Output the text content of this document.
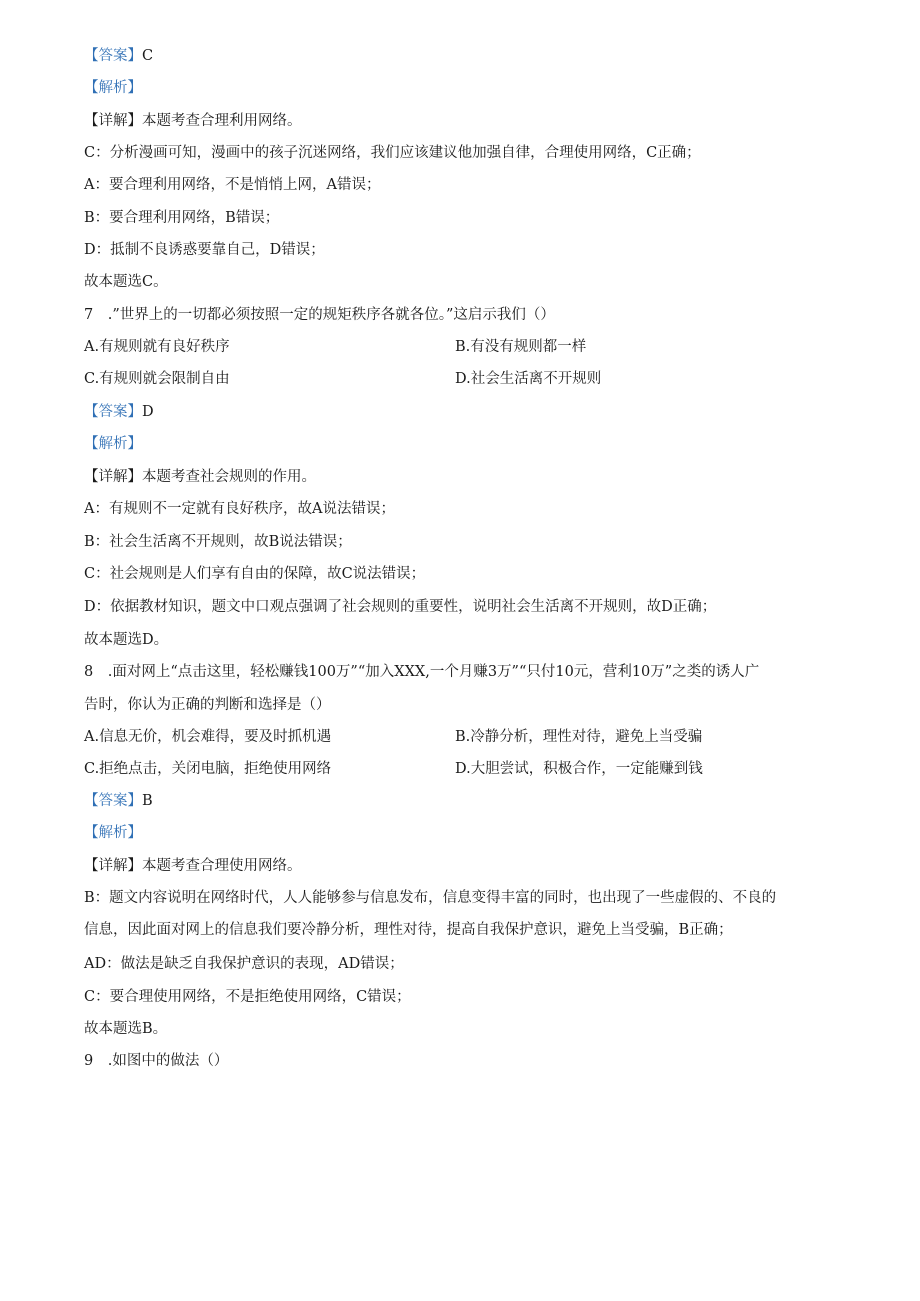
【答案】C
【解析】
【详解】本题考查合理利用网络。
C：分析漫画可知，漫画中的孩子沉迷网络，我们应该建议他加强自律，合理使用网络，C正确；
A：要合理利用网络，不是悄悄上网，A错误；
B：要合理利用网络，B错误；
D：抵制不良诱惑要靠自己，D错误；
故本题选C。
7　.”世界上的一切都必须按照一定的规矩秩序各就各位。”这启示我们（）
A.有规则就有良好秩序	B.有没有规则都一样
C.有规则就会限制自由	D.社会生活离不开规则
【答案】D
【解析】
【详解】本题考查社会规则的作用。
A：有规则不一定就有良好秩序，故A说法错误；
B：社会生活离不开规则，故B说法错误；
C：社会规则是人们享有自由的保障，故C说法错误；
D：依据教材知识，题文中口观点强调了社会规则的重要性，说明社会生活离不开规则，故D正确；
故本题选D。
8　.面对网上“点击这里，轻松赚钱100万”“加入XXX,一个月赚3万”“只付10元，营利10万”之类的诱人广
告时，你认为正确的判断和选择是（）
A.信息无价，机会难得，要及时抓机遇	B.冷静分析，理性对待，避免上当受骗
C.拒绝点击，关闭电脑，拒绝使用网络	D.大胆尝试，积极合作，一定能赚到钱
【答案】B
【解析】
【详解】本题考查合理使用网络。
B：题文内容说明在网络时代，人人能够参与信息发布，信息变得丰富的同时，也出现了一些虚假的、不良的
信息，因此面对网上的信息我们要冷静分析，理性对待，提高自我保护意识，避免上当受骗，B正确；
AD：做法是缺乏自我保护意识的表现，AD错误；
C：要合理使用网络，不是拒绝使用网络，C错误；
故本题选B。
9　.如图中的做法（）
